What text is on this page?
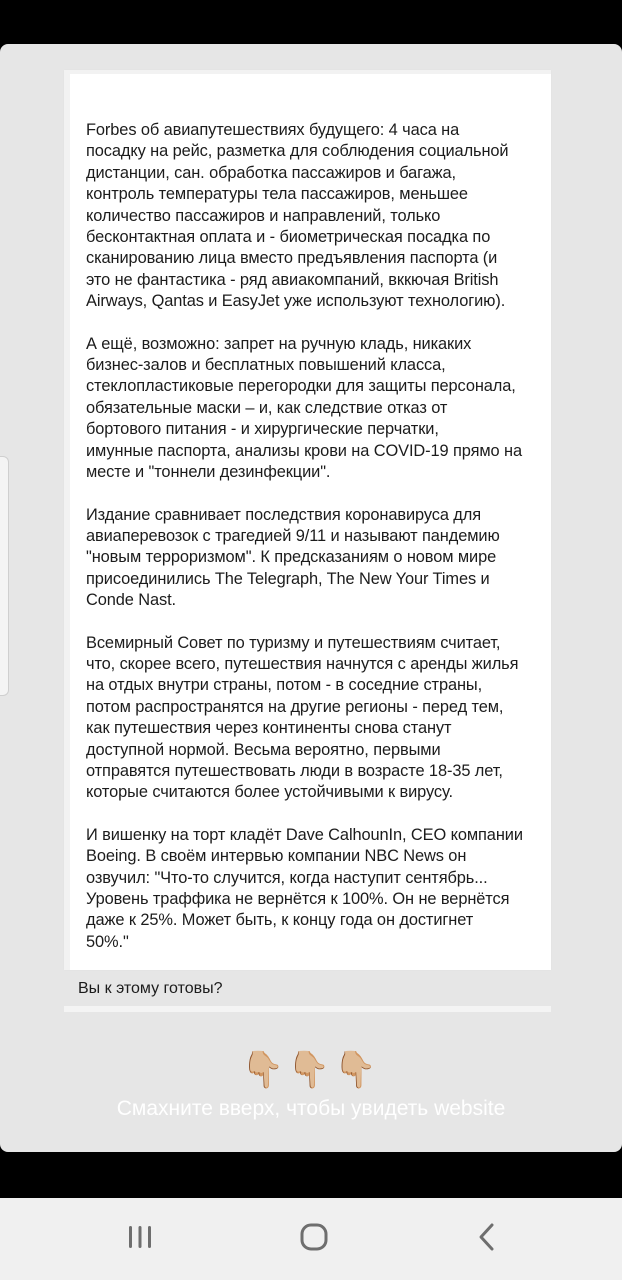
Forbes об авиапутешествиях будущего: 4 часа на
посадку на рейс, разметка для соблюдения социальной
дистанции, сан. обработка пассажиров и багажа,
контроль температуры тела пассажиров, меньшее
количество пассажиров и направлений, только
бесконтактная оплата и - биометрическая посадка по
сканированию лица вместо предъявления паспорта (и
это не фантастика - ряд авиакомпаний, вккючая British
Airways, Qantas и EasyJet уже используют технологию).

А ещё, возможно: запрет на ручную кладь, никаких
бизнес-залов и бесплатных повышений класса,
стеклопластиковые перегородки для защиты персонала,
обязательные маски – и, как следствие отказ от
бортового питания - и хирургические перчатки,
имунные паспорта, анализы крови на COVID-19 прямо на
месте и "тоннели дезинфекции".

Издание сравнивает последствия коронавируса для
авиаперевозок с трагедией 9/11 и называют пандемию
"новым терроризмом". К предсказаниям о новом мире
присоединились The Telegraph, The New Your Times и
Conde Nast.

Всемирный Совет по туризму и путешествиям считает,
что, скорее всего, путешествия начнутся с аренды жилья
на отдых внутри страны, потом - в соседние страны,
потом распространятся на другие регионы - перед тем,
как путешествия через континенты снова станут
доступной нормой. Весьма вероятно, первыми
отправятся путешествовать люди в возрасте 18-35 лет,
которые считаются более устойчивыми к вирусу.

И вишенку на торт кладёт Dave CalhounIn, CEO компании
Boeing. В своём интервью компании NBC News он
озвучил: "Что-то случится, когда наступит сентябрь...
Уровень траффика не вернётся к 100%. Он не вернётся
даже к 25%. Может быть, к концу года он достигнет
50%."

Вы к этому готовы?
👇🏼👇🏼👇🏼
Смахните вверх, чтобы увидеть website
